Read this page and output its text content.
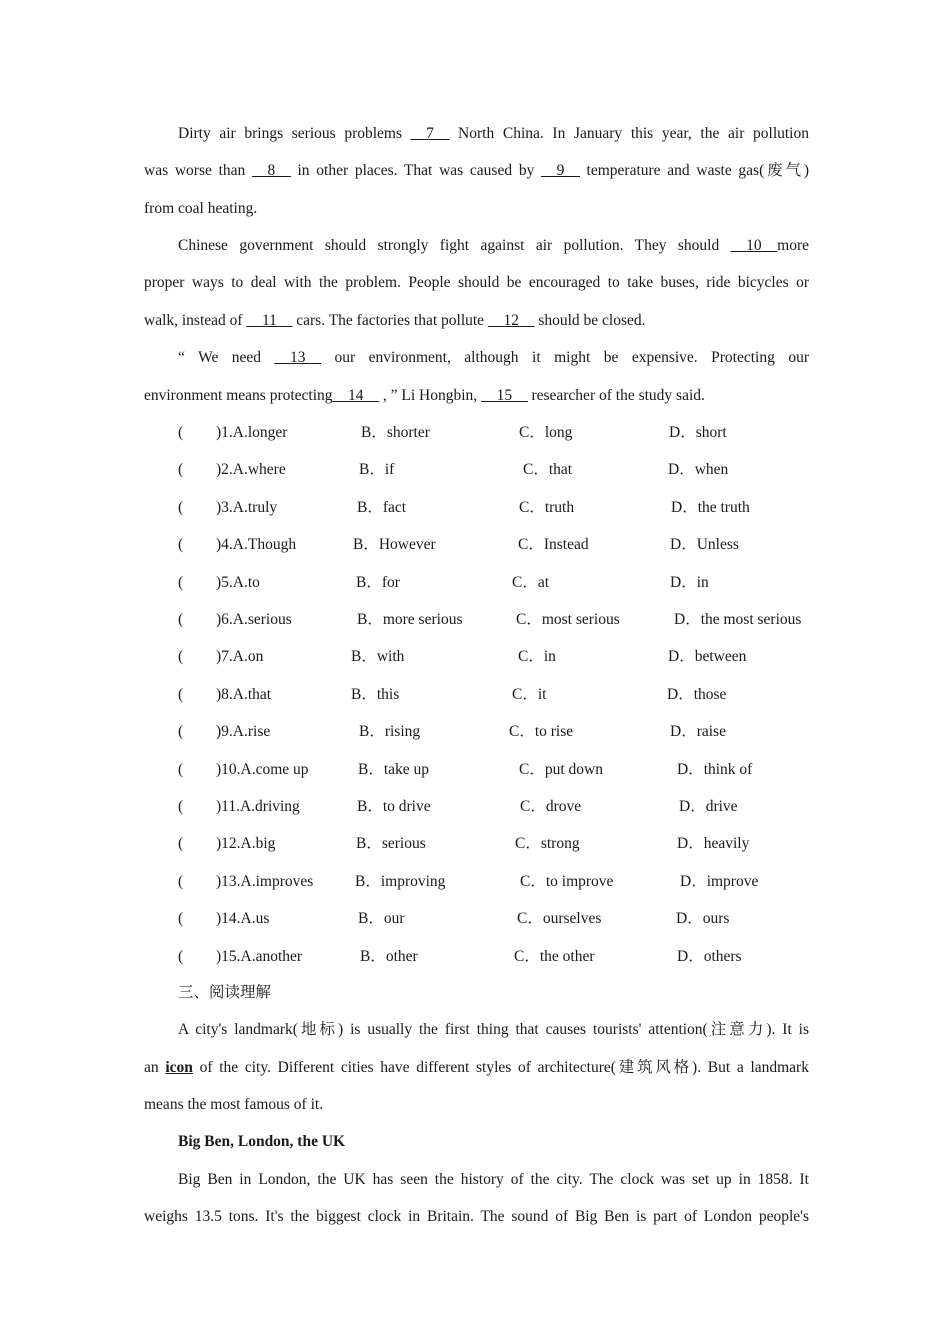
Dirty air brings serious problems __7__ North China. In January this year, the air pollution
was worse than __8__ in other places. That was caused by __9__ temperature and waste gas(废气)
from coal heating.
Chinese government should strongly fight against air pollution. They should __10__more
proper ways to deal with the problem. People should be encouraged to take buses, ride bicycles or
walk, instead of __11__ cars. The factories that pollute __12__ should be closed.
“ We need __13__ our environment, although it might be expensive. Protecting our
environment means protecting__14__ , ” Li Hongbin, __15__ researcher of the study said.
( )1.A.longer	B．shorter	C．long	D．short
( )2.A.where	B．if	C．that	D．when
( )3.A.truly	B．fact	C．truth	D．the truth
( )4.A.Though	B．However	C．Instead	D．Unless
( )5.A.to	B．for	C．at	D．in
( )6.A.serious	B．more serious	C．most serious	D．the most serious
( )7.A.on	B．with	C．in	D．between
( )8.A.that	B．this	C．it	D．those
( )9.A.rise	B．rising	C．to rise	D．raise
( )10.A.come up	B．take up	C．put down	D．think of
( )11.A.driving	B．to drive	C．drove	D．drive
( )12.A.big	B．serious	C．strong	D．heavily
( )13.A.improves	B．improving	C．to improve	D．improve
( )14.A.us	B．our	C．ourselves	D．ours
( )15.A.another	B．other	C．the other	D．others
三、阅读理解
A city's landmark(地标) is usually the first thing that causes tourists' attention(注意力). It is
an icon of the city. Different cities have different styles of architecture(建筑风格). But a landmark
means the most famous of it.
Big Ben, London, the UK
Big Ben in London, the UK has seen the history of the city. The clock was set up in 1858. It
weighs 13.5 tons. It's the biggest clock in Britain. The sound of Big Ben is part of London people's
